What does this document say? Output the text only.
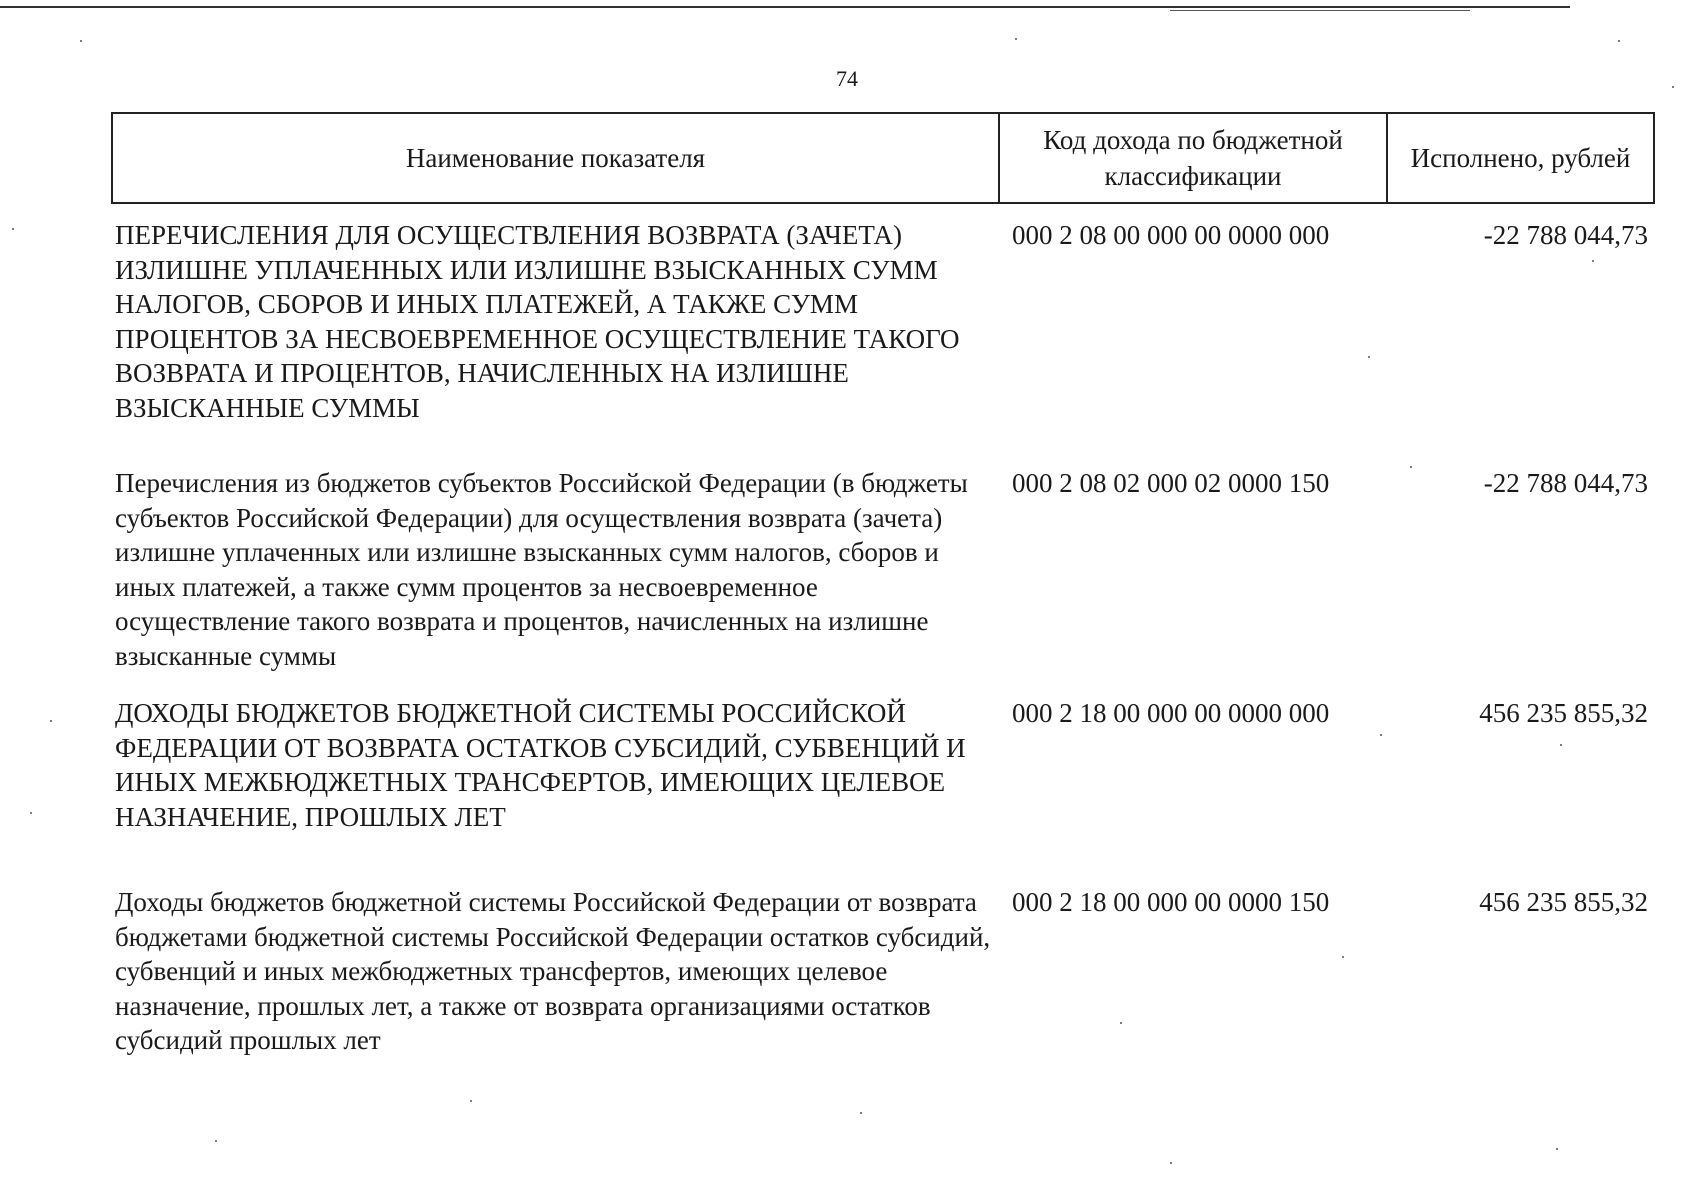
74
Наименование показателя	Код дохода по бюджетной классификации	Исполнено, рублей
ПЕРЕЧИСЛЕНИЯ ДЛЯ ОСУЩЕСТВЛЕНИЯ ВОЗВРАТА (ЗАЧЕТА) ИЗЛИШНЕ УПЛАЧЕННЫХ ИЛИ ИЗЛИШНЕ ВЗЫСКАННЫХ СУММ НАЛОГОВ, СБОРОВ И ИНЫХ ПЛАТЕЖЕЙ, А ТАКЖЕ СУММ ПРОЦЕНТОВ ЗА НЕСВОЕВРЕМЕННОЕ ОСУЩЕСТВЛЕНИЕ ТАКОГО ВОЗВРАТА И ПРОЦЕНТОВ, НАЧИСЛЕННЫХ НА ИЗЛИШНЕ ВЗЫСКАННЫЕ СУММЫ	000 2 08 00 000 00 0000 000	-22 788 044,73
Перечисления из бюджетов субъектов Российской Федерации (в бюджеты субъектов Российской Федерации) для осуществления возврата (зачета) излишне уплаченных или излишне взысканных сумм налогов, сборов и иных платежей, а также сумм процентов за несвоевременное осуществление такого возврата и процентов, начисленных на излишне взысканные суммы	000 2 08 02 000 02 0000 150	-22 788 044,73
ДОХОДЫ БЮДЖЕТОВ БЮДЖЕТНОЙ СИСТЕМЫ РОССИЙСКОЙ ФЕДЕРАЦИИ ОТ ВОЗВРАТА ОСТАТКОВ СУБСИДИЙ, СУБВЕНЦИЙ И ИНЫХ МЕЖБЮДЖЕТНЫХ ТРАНСФЕРТОВ, ИМЕЮЩИХ ЦЕЛЕВОЕ НАЗНАЧЕНИЕ, ПРОШЛЫХ ЛЕТ	000 2 18 00 000 00 0000 000	456 235 855,32
Доходы бюджетов бюджетной системы Российской Федерации от возврата бюджетами бюджетной системы Российской Федерации остатков субсидий, субвенций и иных межбюджетных трансфертов, имеющих целевое назначение, прошлых лет, а также от возврата организациями остатков субсидий прошлых лет	000 2 18 00 000 00 0000 150	456 235 855,32
